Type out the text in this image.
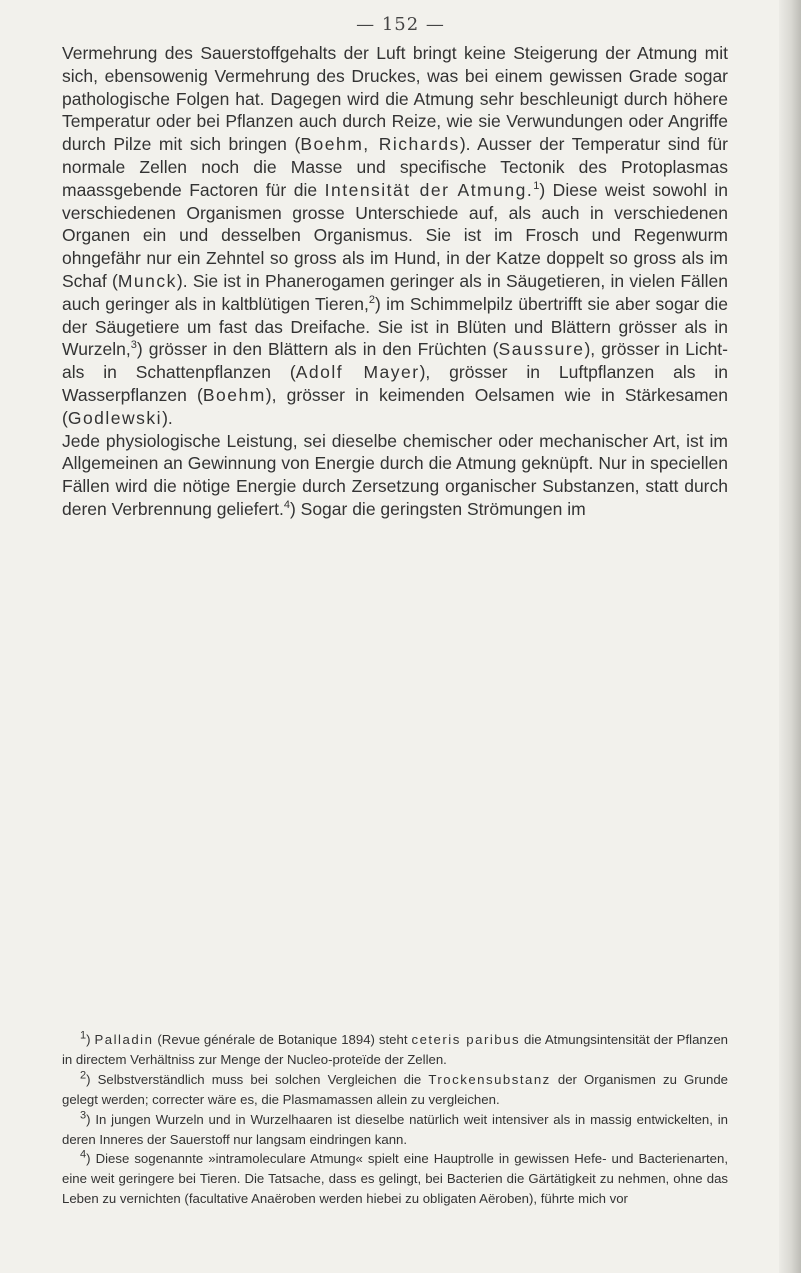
— 152 —

Vermehrung des Sauerstoffgehalts der Luft bringt keine Steigerung der Atmung mit sich, ebensowenig Vermehrung des Druckes, was bei einem gewissen Grade sogar pathologische Folgen hat. Dagegen wird die Atmung sehr beschleunigt durch höhere Temperatur oder bei Pflanzen auch durch Reize, wie sie Verwundungen oder Angriffe durch Pilze mit sich bringen (Boehm, Richards). Ausser der Temperatur sind für normale Zellen noch die Masse und specifische Tectonik des Protoplasmas maassgebende Factoren für die Intensität der Atmung.$^1$) Diese weist sowohl in verschiedenen Organismen grosse Unterschiede auf, als auch in verschiedenen Organen ein und desselben Organismus. Sie ist im Frosch und Regenwurm ohngefähr nur ein Zehntel so gross als im Hund, in der Katze doppelt so gross als im Schaf (Munck). Sie ist in Phanerogamen geringer als in Säugetieren, in vielen Fällen auch geringer als in kaltblütigen Tieren,$^2$) im Schimmelpilz übertrifft sie aber sogar die der Säugetiere um fast das Dreifache. Sie ist in Blüten und Blättern grösser als in Wurzeln,$^3$) grösser in den Blättern als in den Früchten (Saussure), grösser in Licht- als in Schattenpflanzen (Adolf Mayer), grösser in Luftpflanzen als in Wasserpflanzen (Boehm), grösser in keimenden Oelsamen wie in Stärkesamen (Godlewski).

Jede physiologische Leistung, sei dieselbe chemischer oder mechanischer Art, ist im Allgemeinen an Gewinnung von Energie durch die Atmung geknüpft. Nur in speciellen Fällen wird die nötige Energie durch Zersetzung organischer Substanzen, statt durch deren Verbrennung geliefert.$^4$) Sogar die geringsten Strömungen im

$^1$) Palladin (Revue générale de Botanique 1894) steht ceteris paribus die Atmungsintensität der Pflanzen in directem Verhältniss zur Menge der Nucleo-proteïde der Zellen.

$^2$) Selbstverständlich muss bei solchen Vergleichen die Trockensubstanz der Organismen zu Grunde gelegt werden; correcter wäre es, die Plasmamassen allein zu vergleichen.

$^3$) In jungen Wurzeln und in Wurzelhaaren ist dieselbe natürlich weit intensiver als in massig entwickelten, in deren Inneres der Sauerstoff nur langsam eindringen kann.

$^4$) Diese sogenannte »intramoleculare Atmung« spielt eine Hauptrolle in gewissen Hefe- und Bacterienarten, eine weit geringere bei Tieren. Die Tatsache, dass es gelingt, bei Bacterien die Gärtätigkeit zu nehmen, ohne das Leben zu vernichten (facultative Anaëroben werden hiebei zu obligaten Aëroben), führte mich vor
